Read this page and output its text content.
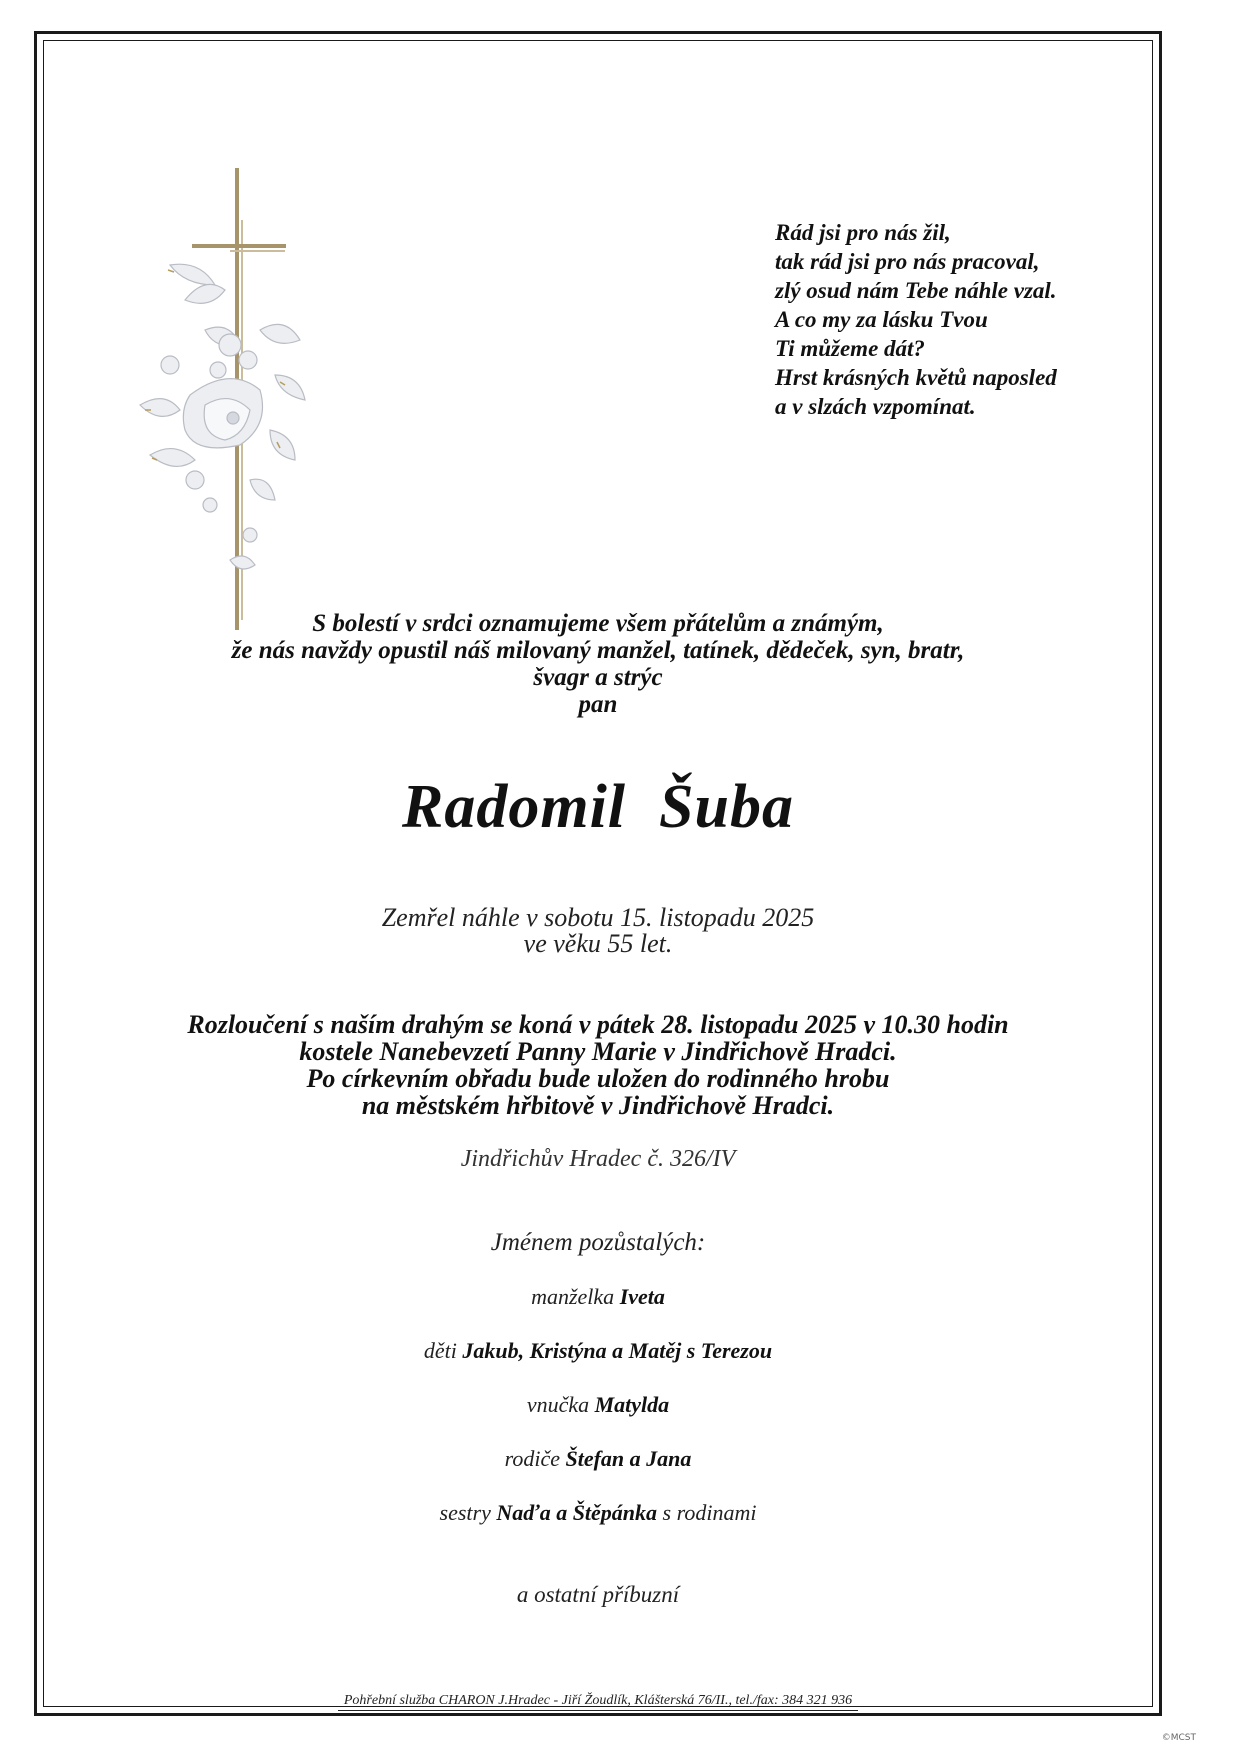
Rád jsi pro nás žil,
tak rád jsi pro nás pracoval,
zlý osud nám Tebe náhle vzal.
A co my za lásku Tvou
Ti můžeme dát?
Hrst krásných květů naposled
a v slzách vzpomínat.
S bolestí v srdci oznamujeme všem přátelům a známým,
že nás navždy opustil náš milovaný manžel, tatínek, dědeček, syn, bratr,
švagr a strýc
pan
Radomil  Šuba
Zemřel náhle v sobotu 15. listopadu 2025
ve věku 55 let.
Rozloučení s naším drahým se koná v pátek 28. listopadu 2025 v 10.30 hodin
kostele Nanebevzetí Panny Marie v Jindřichově Hradci.
Po církevním obřadu bude uložen do rodinného hrobu
na městském hřbitově v Jindřichově Hradci.
Jindřichův Hradec č. 326/IV
Jménem pozůstalých:
manželka Iveta
děti Jakub, Kristýna a Matěj s Terezou
vnučka Matylda
rodiče Štefan a Jana
sestry Naďa a Štěpánka s rodinami
a ostatní příbuzní
Pohřební služba CHARON J.Hradec - Jiří Žoudlík, Klášterská 76/II., tel./fax: 384 321 936
©MCST
